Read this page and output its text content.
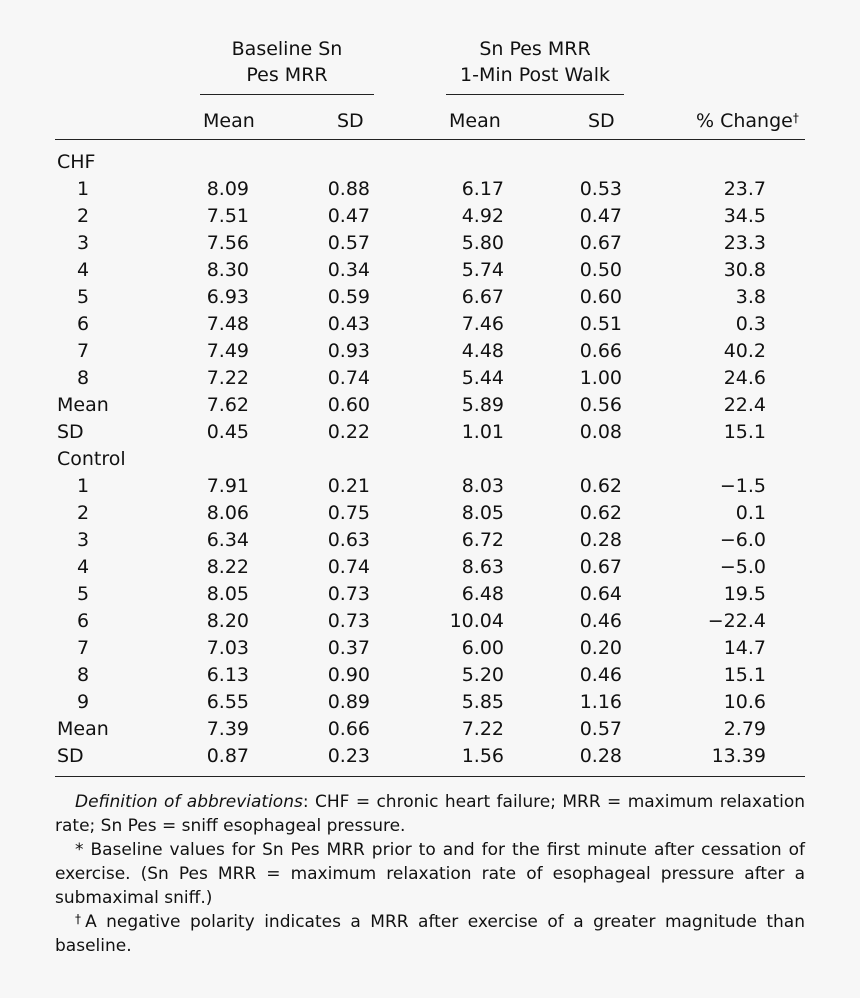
Baseline Sn
Pes MRR
Sn Pes MRR
1-Min Post Walk
Mean	SD	Mean	SD	% Change†
CHF
1	8.09	0.88	6.17	0.53	23.7
2	7.51	0.47	4.92	0.47	34.5
3	7.56	0.57	5.80	0.67	23.3
4	8.30	0.34	5.74	0.50	30.8
5	6.93	0.59	6.67	0.60	3.8
6	7.48	0.43	7.46	0.51	0.3
7	7.49	0.93	4.48	0.66	40.2
8	7.22	0.74	5.44	1.00	24.6
Mean	7.62	0.60	5.89	0.56	22.4
SD	0.45	0.22	1.01	0.08	15.1
Control
1	7.91	0.21	8.03	0.62	−1.5
2	8.06	0.75	8.05	0.62	0.1
3	6.34	0.63	6.72	0.28	−6.0
4	8.22	0.74	8.63	0.67	−5.0
5	8.05	0.73	6.48	0.64	19.5
6	8.20	0.73	10.04	0.46	−22.4
7	7.03	0.37	6.00	0.20	14.7
8	6.13	0.90	5.20	0.46	15.1
9	6.55	0.89	5.85	1.16	10.6
Mean	7.39	0.66	7.22	0.57	2.79
SD	0.87	0.23	1.56	0.28	13.39

Definition of abbreviations: CHF = chronic heart failure; MRR = maximum relaxation rate; Sn Pes = sniff esophageal pressure.

* Baseline values for Sn Pes MRR prior to and for the first minute after cessation of exercise. (Sn Pes MRR = maximum relaxation rate of esophageal pressure after a submaximal sniff.)

†A negative polarity indicates a MRR after exercise of a greater magnitude than baseline.
